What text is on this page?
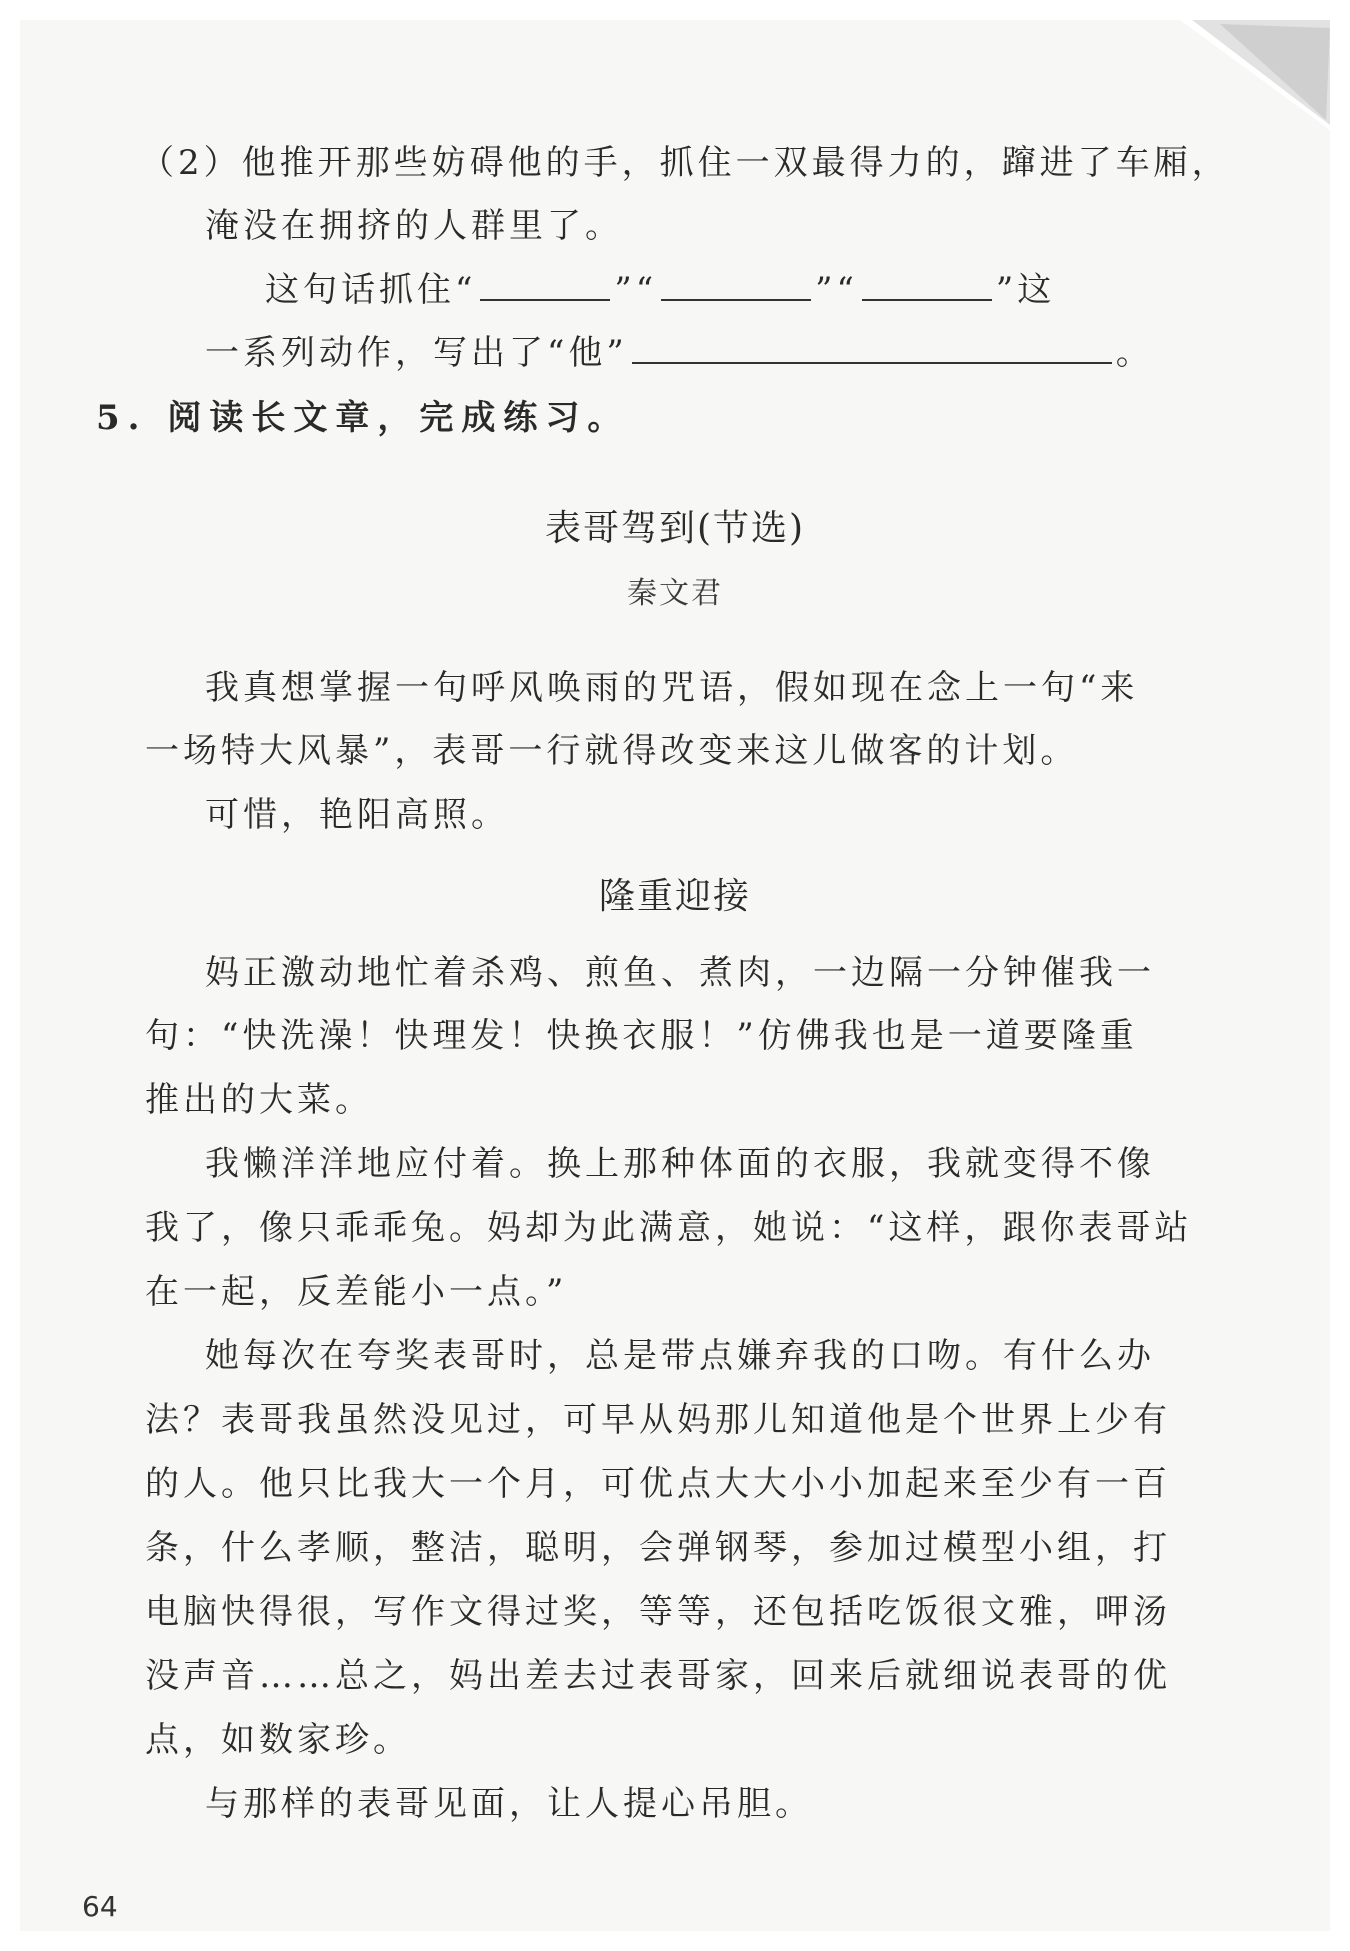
（2）他推开那些妨碍他的手，抓住一双最得力的，蹿进了车厢，
淹没在拥挤的人群里了。
这句话抓住“	”“	”“	”这
一系列动作，写出了“他”	。
5. 阅读长文章，完成练习。
表哥驾到(节选)
秦文君
我真想掌握一句呼风唤雨的咒语，假如现在念上一句“来
一场特大风暴”，表哥一行就得改变来这儿做客的计划。
可惜，艳阳高照。
隆重迎接
妈正激动地忙着杀鸡、煎鱼、煮肉，一边隔一分钟催我一
句：“快洗澡！快理发！快换衣服！”仿佛我也是一道要隆重
推出的大菜。
我懒洋洋地应付着。换上那种体面的衣服，我就变得不像
我了，像只乖乖兔。妈却为此满意，她说：“这样，跟你表哥站
在一起，反差能小一点。”
她每次在夸奖表哥时，总是带点嫌弃我的口吻。有什么办
法？表哥我虽然没见过，可早从妈那儿知道他是个世界上少有
的人。他只比我大一个月，可优点大大小小加起来至少有一百
条，什么孝顺，整洁，聪明，会弹钢琴，参加过模型小组，打
电脑快得很，写作文得过奖，等等，还包括吃饭很文雅，呷汤
没声音……总之，妈出差去过表哥家，回来后就细说表哥的优
点，如数家珍。
与那样的表哥见面，让人提心吊胆。
64
